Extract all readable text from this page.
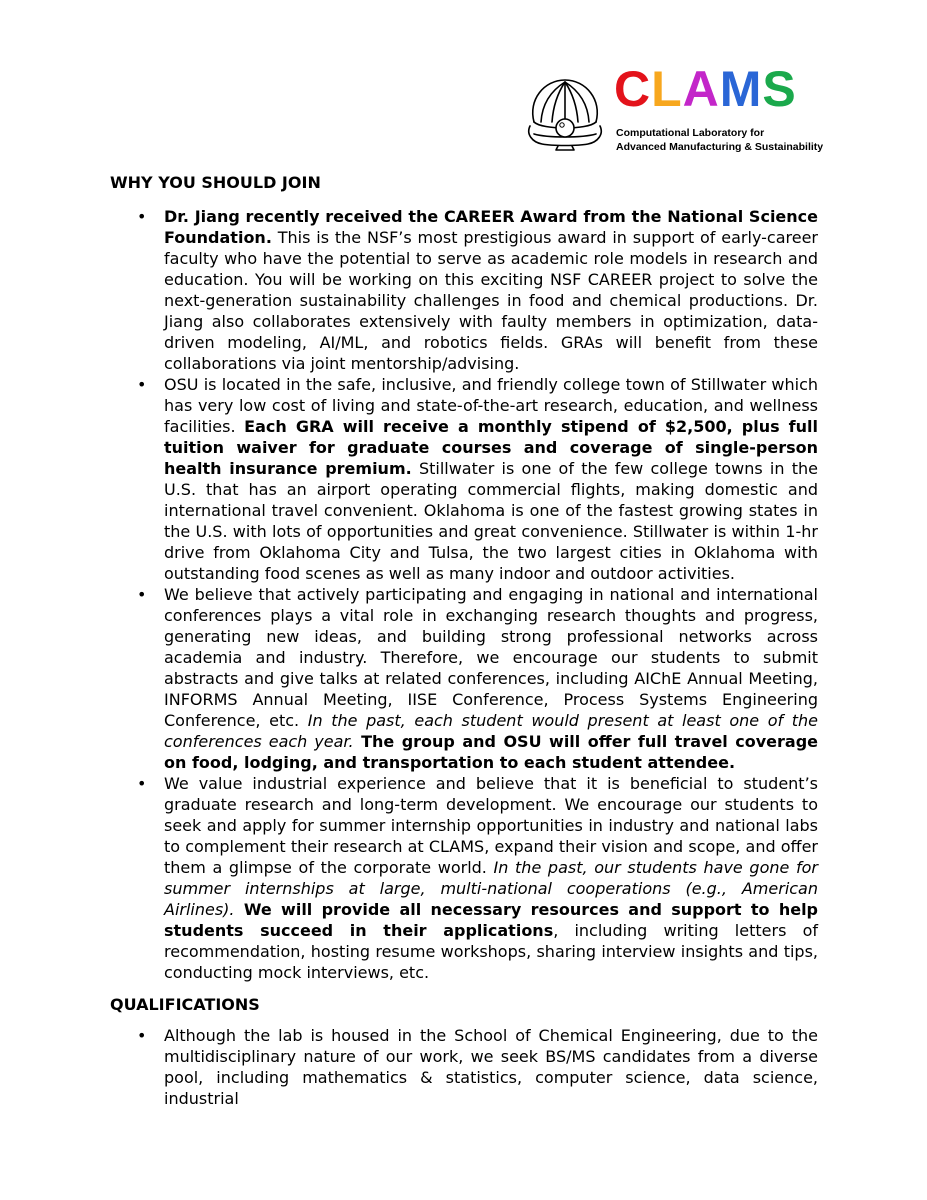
CLAMS
Computational Laboratory for
Advanced Manufacturing & Sustainability
WHY YOU SHOULD JOIN
• Dr. Jiang recently received the CAREER Award from the National Science Foundation. This is the NSF’s most prestigious award in support of early-career faculty who have the potential to serve as academic role models in research and education. You will be working on this exciting NSF CAREER project to solve the next-generation sustainability challenges in food and chemical productions. Dr. Jiang also collaborates extensively with faulty members in optimization, data-driven modeling, AI/ML, and robotics fields. GRAs will benefit from these collaborations via joint mentorship/advising.
• OSU is located in the safe, inclusive, and friendly college town of Stillwater which has very low cost of living and state-of-the-art research, education, and wellness facilities. Each GRA will receive a monthly stipend of $2,500, plus full tuition waiver for graduate courses and coverage of single-person health insurance premium. Stillwater is one of the few college towns in the U.S. that has an airport operating commercial flights, making domestic and international travel convenient. Oklahoma is one of the fastest growing states in the U.S. with lots of opportunities and great convenience. Stillwater is within 1-hr drive from Oklahoma City and Tulsa, the two largest cities in Oklahoma with outstanding food scenes as well as many indoor and outdoor activities.
• We believe that actively participating and engaging in national and international conferences plays a vital role in exchanging research thoughts and progress, generating new ideas, and building strong professional networks across academia and industry. Therefore, we encourage our students to submit abstracts and give talks at related conferences, including AIChE Annual Meeting, INFORMS Annual Meeting, IISE Conference, Process Systems Engineering Conference, etc. In the past, each student would present at least one of the conferences each year. The group and OSU will offer full travel coverage on food, lodging, and transportation to each student attendee.
• We value industrial experience and believe that it is beneficial to student’s graduate research and long-term development. We encourage our students to seek and apply for summer internship opportunities in industry and national labs to complement their research at CLAMS, expand their vision and scope, and offer them a glimpse of the corporate world. In the past, our students have gone for summer internships at large, multi-national cooperations (e.g., American Airlines). We will provide all necessary resources and support to help students succeed in their applications, including writing letters of recommendation, hosting resume workshops, sharing interview insights and tips, conducting mock interviews, etc.
QUALIFICATIONS
• Although the lab is housed in the School of Chemical Engineering, due to the multidisciplinary nature of our work, we seek BS/MS candidates from a diverse pool, including mathematics & statistics, computer science, data science, industrial
